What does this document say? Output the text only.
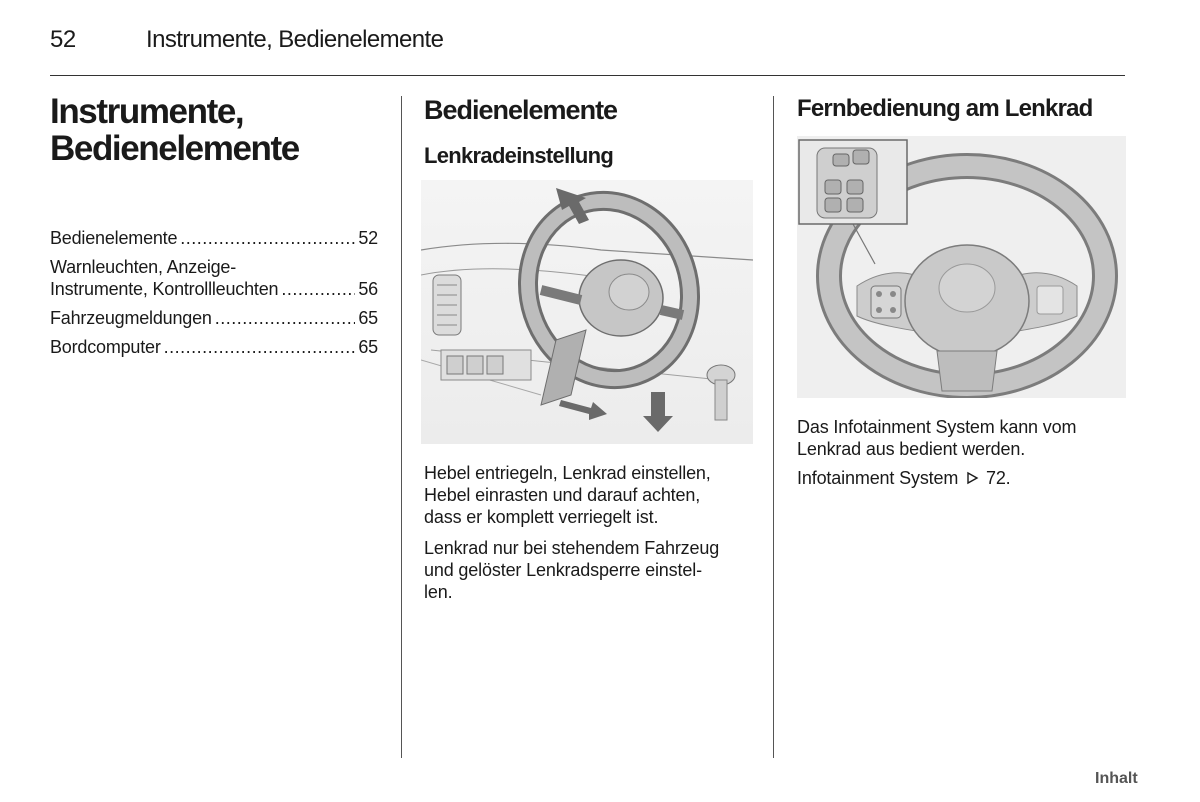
52	Instrumente, Bedienelemente
Instrumente,
Bedienelemente
Bedienelemente .....	52
Warnleuchten, Anzeige-
Instrumente, Kontrollleuchten .....	56
Fahrzeugmeldungen .....	65
Bordcomputer .....	65
Bedienelemente
Lenkradeinstellung

Hebel entriegeln, Lenkrad einstellen,

Hebel einrasten und darauf achten,

dass er komplett verriegelt ist.

Lenkrad nur bei stehendem Fahrzeug

und gelöster Lenkradsperre einstel-

len.

Fernbedienung am Lenkrad

Das Infotainment System kann vom

Lenkrad aus bedient werden.

Infotainment System 72.
Inhalt
